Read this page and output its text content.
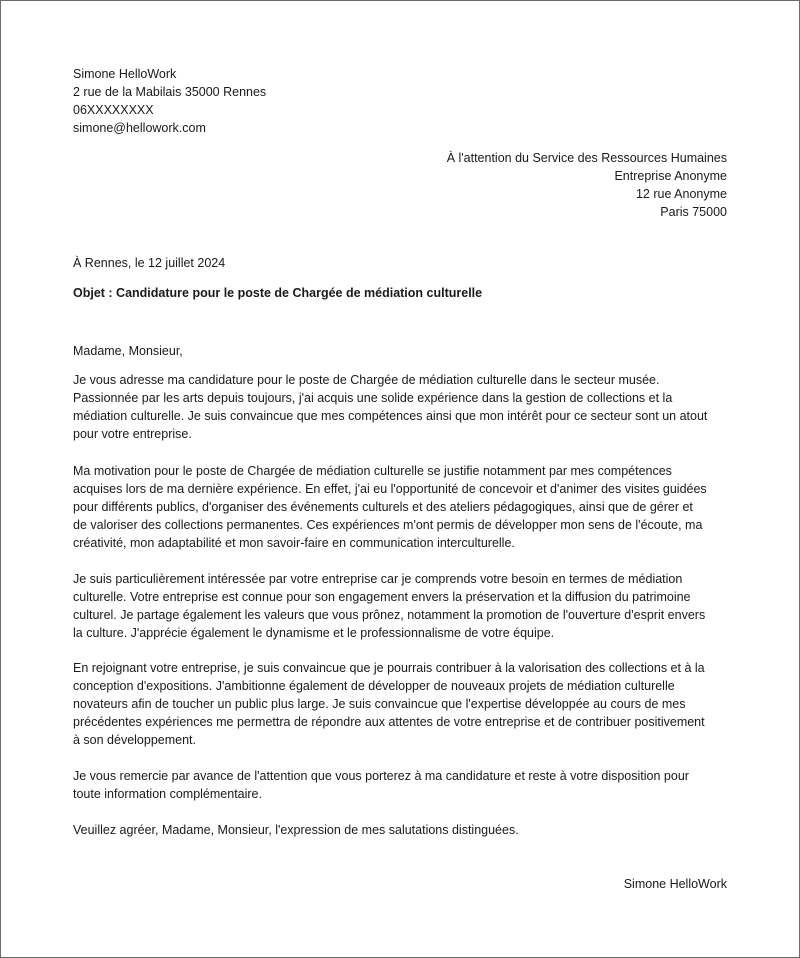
Simone HelloWork
2 rue de la Mabilais 35000 Rennes
06XXXXXXXX
simone@hellowork.com
À l'attention du Service des Ressources Humaines
Entreprise Anonyme
12 rue Anonyme
Paris 75000
À Rennes, le 12 juillet 2024
Objet : Candidature pour le poste de Chargée de médiation culturelle
Madame, Monsieur,
Je vous adresse ma candidature pour le poste de Chargée de médiation culturelle dans le secteur musée.
Passionnée par les arts depuis toujours, j'ai acquis une solide expérience dans la gestion de collections et la
médiation culturelle. Je suis convaincue que mes compétences ainsi que mon intérêt pour ce secteur sont un atout
pour votre entreprise.
Ma motivation pour le poste de Chargée de médiation culturelle se justifie notamment par mes compétences
acquises lors de ma dernière expérience. En effet, j'ai eu l'opportunité de concevoir et d'animer des visites guidées
pour différents publics, d'organiser des événements culturels et des ateliers pédagogiques, ainsi que de gérer et
de valoriser des collections permanentes. Ces expériences m'ont permis de développer mon sens de l'écoute, ma
créativité, mon adaptabilité et mon savoir-faire en communication interculturelle.
Je suis particulièrement intéressée par votre entreprise car je comprends votre besoin en termes de médiation
culturelle. Votre entreprise est connue pour son engagement envers la préservation et la diffusion du patrimoine
culturel. Je partage également les valeurs que vous prônez, notamment la promotion de l'ouverture d'esprit envers
la culture. J'apprécie également le dynamisme et le professionnalisme de votre équipe.
En rejoignant votre entreprise, je suis convaincue que je pourrais contribuer à la valorisation des collections et à la
conception d'expositions. J'ambitionne également de développer de nouveaux projets de médiation culturelle
novateurs afin de toucher un public plus large. Je suis convaincue que l'expertise développée au cours de mes
précédentes expériences me permettra de répondre aux attentes de votre entreprise et de contribuer positivement
à son développement.
Je vous remercie par avance de l'attention que vous porterez à ma candidature et reste à votre disposition pour
toute information complémentaire.
Veuillez agréer, Madame, Monsieur, l'expression de mes salutations distinguées.
Simone HelloWork
